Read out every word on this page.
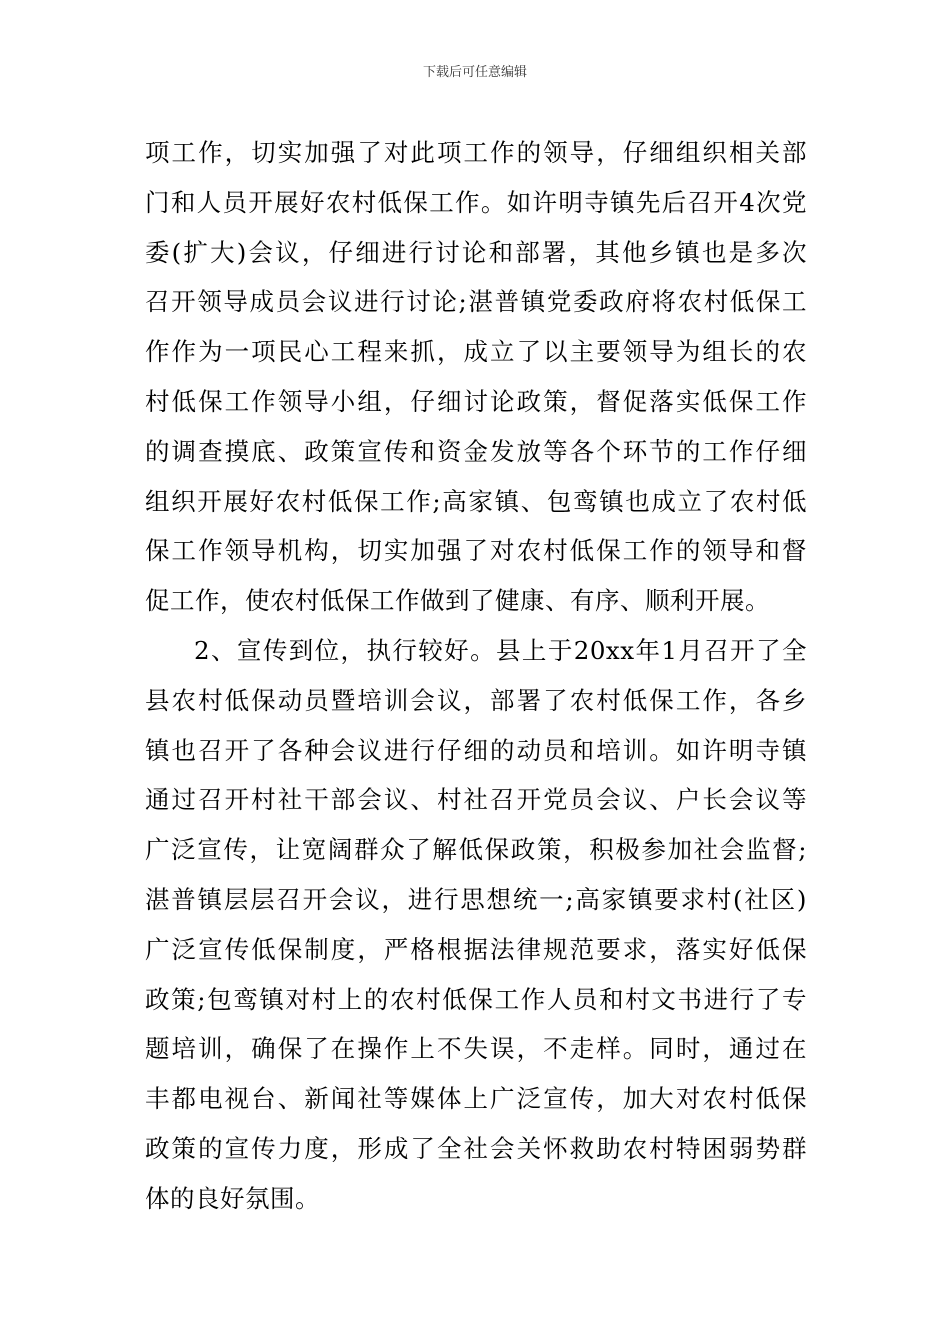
下载后可任意编辑
项工作，切实加强了对此项工作的领导，仔细组织相关部
门和人员开展好农村低保工作。如许明寺镇先后召开4次党
委(扩大)会议，仔细进行讨论和部署，其他乡镇也是多次
召开领导成员会议进行讨论;湛普镇党委政府将农村低保工
作作为一项民心工程来抓，成立了以主要领导为组长的农
村低保工作领导小组，仔细讨论政策，督促落实低保工作
的调查摸底、政策宣传和资金发放等各个环节的工作仔细
组织开展好农村低保工作;高家镇、包鸾镇也成立了农村低
保工作领导机构，切实加强了对农村低保工作的领导和督
促工作，使农村低保工作做到了健康、有序、顺利开展。
2、宣传到位，执行较好。县上于20xx年1月召开了全
县农村低保动员暨培训会议，部署了农村低保工作，各乡
镇也召开了各种会议进行仔细的动员和培训。如许明寺镇
通过召开村社干部会议、村社召开党员会议、户长会议等
广泛宣传，让宽阔群众了解低保政策，积极参加社会监督;
湛普镇层层召开会议，进行思想统一;高家镇要求村(社区)
广泛宣传低保制度，严格根据法律规范要求，落实好低保
政策;包鸾镇对村上的农村低保工作人员和村文书进行了专
题培训，确保了在操作上不失误，不走样。同时，通过在
丰都电视台、新闻社等媒体上广泛宣传，加大对农村低保
政策的宣传力度，形成了全社会关怀救助农村特困弱势群
体的良好氛围。
